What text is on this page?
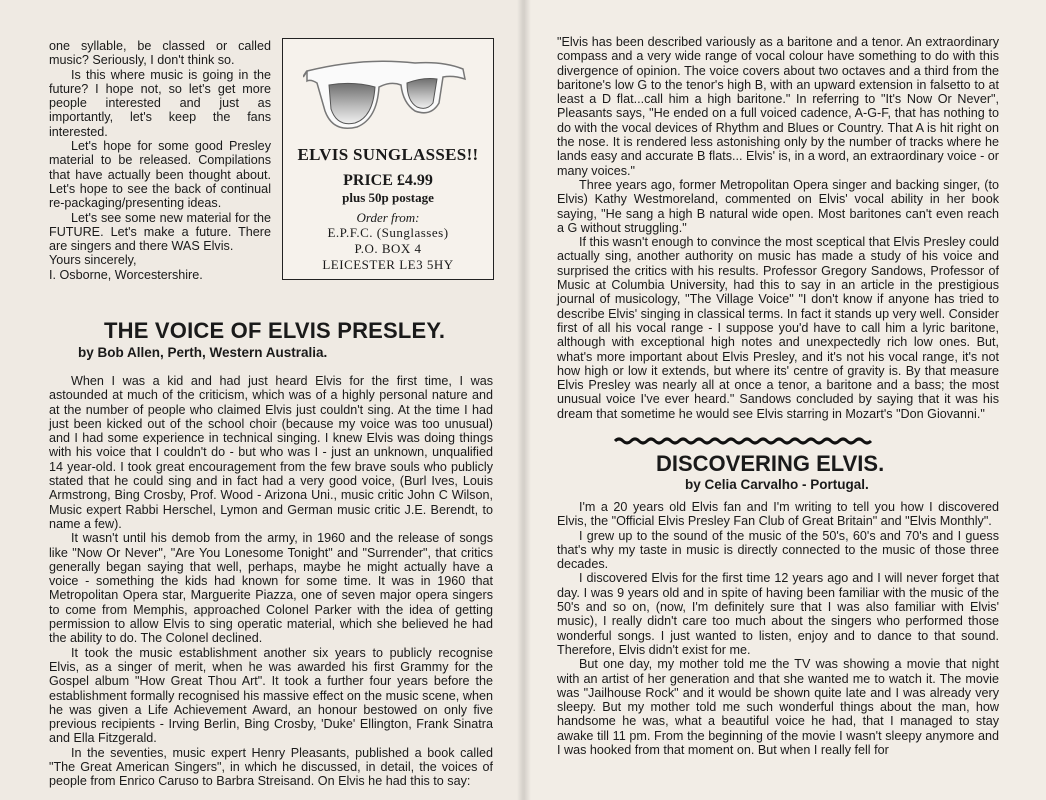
one syllable, be classed or called music? Seriously, I don't think so.

Is this where music is going in the future? I hope not, so let's get more people interested and just as importantly, let's keep the fans interested.

Let's hope for some good Presley material to be released. Compilations that have actually been thought about. Let's hope to see the back of continual re-packaging/presenting ideas.

Let's see some new material for the FUTURE. Let's make a future. There are singers and there WAS Elvis.

Yours sincerely,

I. Osborne, Worcestershire.

ELVIS SUNGLASSES!!
PRICE £4.99
plus 50p postage
Order from:
E.P.F.C. (Sunglasses)
P.O. BOX 4
LEICESTER LE3 5HY
THE VOICE OF ELVIS PRESLEY.
by Bob Allen, Perth, Western Australia.

When I was a kid and had just heard Elvis for the first time, I was astounded at much of the criticism, which was of a highly personal nature and at the number of people who claimed Elvis just couldn't sing. At the time I had just been kicked out of the school choir (because my voice was too unusual) and I had some experience in technical singing. I knew Elvis was doing things with his voice that I couldn't do - but who was I - just an unknown, unqualified 14 year-old. I took great encouragement from the few brave souls who publicly stated that he could sing and in fact had a very good voice, (Burl Ives, Louis Armstrong, Bing Crosby, Prof. Wood - Arizona Uni., music critic John C Wilson, Music expert Rabbi Herschel, Lymon and German music critic J.E. Berendt, to name a few).

It wasn't until his demob from the army, in 1960 and the release of songs like "Now Or Never", "Are You Lonesome Tonight" and "Surrender", that critics generally began saying that well, perhaps, maybe he might actually have a voice - something the kids had known for some time. It was in 1960 that Metropolitan Opera star, Marguerite Piazza, one of seven major opera singers to come from Memphis, approached Colonel Parker with the idea of getting permission to allow Elvis to sing operatic material, which she believed he had the ability to do. The Colonel declined.

It took the music establishment another six years to publicly recognise Elvis, as a singer of merit, when he was awarded his first Grammy for the Gospel album "How Great Thou Art". It took a further four years before the establishment formally recognised his massive effect on the music scene, when he was given a Life Achievement Award, an honour bestowed on only five previous recipients - Irving Berlin, Bing Crosby, 'Duke' Ellington, Frank Sinatra and Ella Fitzgerald.

In the seventies, music expert Henry Pleasants, published a book called "The Great American Singers", in which he discussed, in detail, the voices of people from Enrico Caruso to Barbra Streisand. On Elvis he had this to say:

"Elvis has been described variously as a baritone and a tenor. An extraordinary compass and a very wide range of vocal colour have something to do with this divergence of opinion. The voice covers about two octaves and a third from the baritone's low G to the tenor's high B, with an upward extension in falsetto to at least a D flat...call him a high baritone." In referring to "It's Now Or Never", Pleasants says, "He ended on a full voiced cadence, A-G-F, that has nothing to do with the vocal devices of Rhythm and Blues or Country. That A is hit right on the nose. It is rendered less astonishing only by the number of tracks where he lands easy and accurate B flats... Elvis' is, in a word, an extraordinary voice - or many voices."

Three years ago, former Metropolitan Opera singer and backing singer, (to Elvis) Kathy Westmoreland, commented on Elvis' vocal ability in her book saying, "He sang a high B natural wide open. Most baritones can't even reach a G without struggling."

If this wasn't enough to convince the most sceptical that Elvis Presley could actually sing, another authority on music has made a study of his voice and surprised the critics with his results. Professor Gregory Sandows, Professor of Music at Columbia University, had this to say in an article in the prestigious journal of musicology, "The Village Voice" "I don't know if anyone has tried to describe Elvis' singing in classical terms. In fact it stands up very well. Consider first of all his vocal range - I suppose you'd have to call him a lyric baritone, although with exceptional high notes and unexpectedly rich low ones. But, what's more important about Elvis Presley, and it's not his vocal range, it's not how high or low it extends, but where its' centre of gravity is. By that measure Elvis Presley was nearly all at once a tenor, a baritone and a bass; the most unusual voice I've ever heard." Sandows concluded by saying that it was his dream that sometime he would see Elvis starring in Mozart's "Don Giovanni."

DISCOVERING ELVIS.
by Celia Carvalho - Portugal.

I'm a 20 years old Elvis fan and I'm writing to tell you how I discovered Elvis, the "Official Elvis Presley Fan Club of Great Britain" and "Elvis Monthly".

I grew up to the sound of the music of the 50's, 60's and 70's and I guess that's why my taste in music is directly connected to the music of those three decades.

I discovered Elvis for the first time 12 years ago and I will never forget that day. I was 9 years old and in spite of having been familiar with the music of the 50's and so on, (now, I'm definitely sure that I was also familiar with Elvis' music), I really didn't care too much about the singers who performed those wonderful songs. I just wanted to listen, enjoy and to dance to that sound. Therefore, Elvis didn't exist for me.

But one day, my mother told me the TV was showing a movie that night with an artist of her generation and that she wanted me to watch it. The movie was "Jailhouse Rock" and it would be shown quite late and I was already very sleepy. But my mother told me such wonderful things about the man, how handsome he was, what a beautiful voice he had, that I managed to stay awake till 11 pm. From the beginning of the movie I wasn't sleepy anymore and I was hooked from that moment on. But when I really fell for
